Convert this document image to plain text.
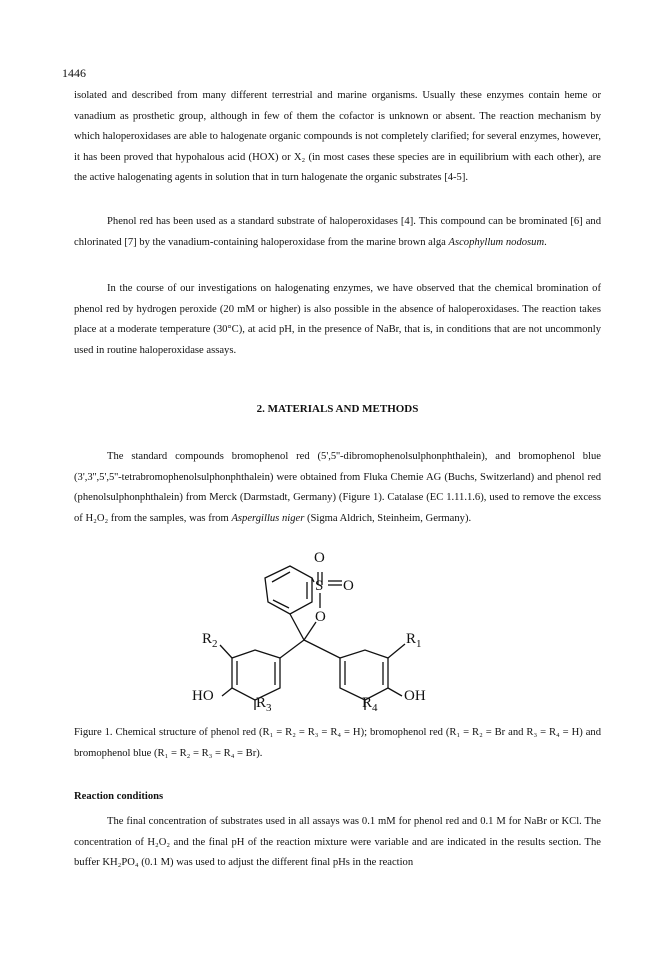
1446

isolated and described from many different terrestrial and marine organisms. Usually these enzymes contain heme or vanadium as prosthetic group, although in few of them the cofactor is unknown or absent. The reaction mechanism by which haloperoxidases are able to halogenate organic compounds is not completely clarified; for several enzymes, however, it has been proved that hypohalous acid (HOX) or X₂ (in most cases these species are in equilibrium with each other), are the active halogenating agents in solution that in turn halogenate the organic substrates [4-5].

Phenol red has been used as a standard substrate of haloperoxidases [4]. This compound can be brominated [6] and chlorinated [7] by the vanadium-containing haloperoxidase from the marine brown alga Ascophyllum nodosum.

In the course of our investigations on halogenating enzymes, we have observed that the chemical bromination of phenol red by hydrogen peroxide (20 mM or higher) is also possible in the absence of haloperoxidases. The reaction takes place at a moderate temperature (30°C), at acid pH, in the presence of NaBr, that is, in conditions that are not uncommonly used in routine haloperoxidase assays.

2. MATERIALS AND METHODS

The standard compounds bromophenol red (5',5''-dibromophenolsulphonphthalein), and bromophenol blue (3',3'',5',5''-tetrabromophenolsulphonphthalein) were obtained from Fluka Chemie AG (Buchs, Switzerland) and phenol red (phenolsulphonphthalein) from Merck (Darmstadt, Germany) (Figure 1). Catalase (EC 1.11.1.6), used to remove the excess of H₂O₂ from the samples, was from Aspergillus niger (Sigma Aldrich, Steinheim, Germany).

O
S O
O
$R_2$	$R_1$
HO	OH
$R_3$	$R_4$
Figure 1. Chemical structure of phenol red (R₁ = R₂ = R₃ = R₄ = H); bromophenol red (R₁ = R₂ = Br and R₃ = R₄ = H) and bromophenol blue (R₁ = R₂ = R₃ = R₄ = Br).
Reaction conditions

The final concentration of substrates used in all assays was 0.1 mM for phenol red and 0.1 M for NaBr or KCl. The concentration of H₂O₂ and the final pH of the reaction mixture were variable and are indicated in the results section. The buffer KH₂PO₄ (0.1 M) was used to adjust the different final pHs in the reaction
